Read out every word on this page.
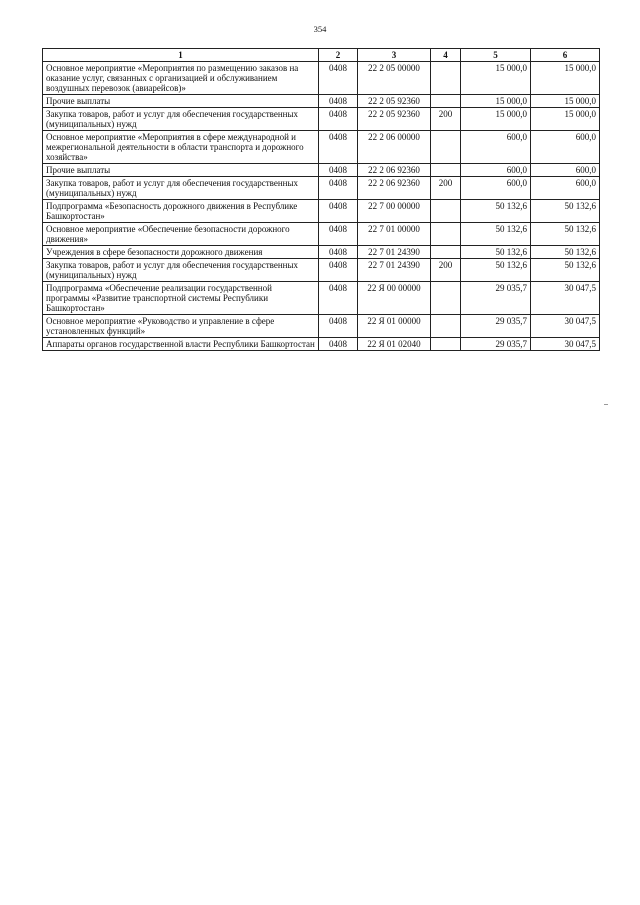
354
1	2	3	4	5	6
Основное мероприятие «Мероприятия по размещению заказов на оказание услуг, связанных с организацией и обслуживанием воздушных перевозок (авиарейсов)»	0408	22 2 05 00000		15 000,0	15 000,0
Прочие выплаты	0408	22 2 05 92360		15 000,0	15 000,0
Закупка товаров, работ и услуг для обеспечения государственных (муниципальных) нужд	0408	22 2 05 92360	200	15 000,0	15 000,0
Основное мероприятие «Мероприятия в сфере международной и межрегиональной деятельности в области транспорта и дорожного хозяйства»	0408	22 2 06 00000		600,0	600,0
Прочие выплаты	0408	22 2 06 92360		600,0	600,0
Закупка товаров, работ и услуг для обеспечения государственных (муниципальных) нужд	0408	22 2 06 92360	200	600,0	600,0
Подпрограмма «Безопасность дорожного движения в Республике Башкортостан»	0408	22 7 00 00000		50 132,6	50 132,6
Основное мероприятие «Обеспечение безопасности дорожного движения»	0408	22 7 01 00000		50 132,6	50 132,6
Учреждения в сфере безопасности дорожного движения	0408	22 7 01 24390		50 132,6	50 132,6
Закупка товаров, работ и услуг для обеспечения государственных (муниципальных) нужд	0408	22 7 01 24390	200	50 132,6	50 132,6
Подпрограмма «Обеспечение реализации государственной программы «Развитие транспортной системы Республики Башкортостан»	0408	22 Я 00 00000		29 035,7	30 047,5
Основное мероприятие «Руководство и управление в сфере установленных функций»	0408	22 Я 01 00000		29 035,7	30 047,5
Аппараты органов государственной власти Республики Башкортостан	0408	22 Я 01 02040		29 035,7	30 047,5
